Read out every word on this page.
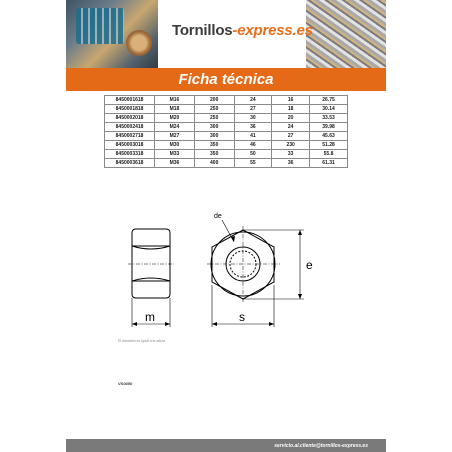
Tornillos-express.es
Ficha técnica
8450001618	M16	200	24	16	26.75
8450001818	M18	250	27	18	30.14
8450002018	M20	250	30	20	33.53
8450002418	M24	300	36	24	39.98
8450002718	M27	300	41	27	45.63
8450003018	M30	350	46	230	51.28
8450003318	M33	350	50	33	55.8
8450003618	M36	400	55	36	61.31
de
e
m	s
El diámetro es igual a la altura
VS0450
servicio.al.cliente@tornillos-express.es
